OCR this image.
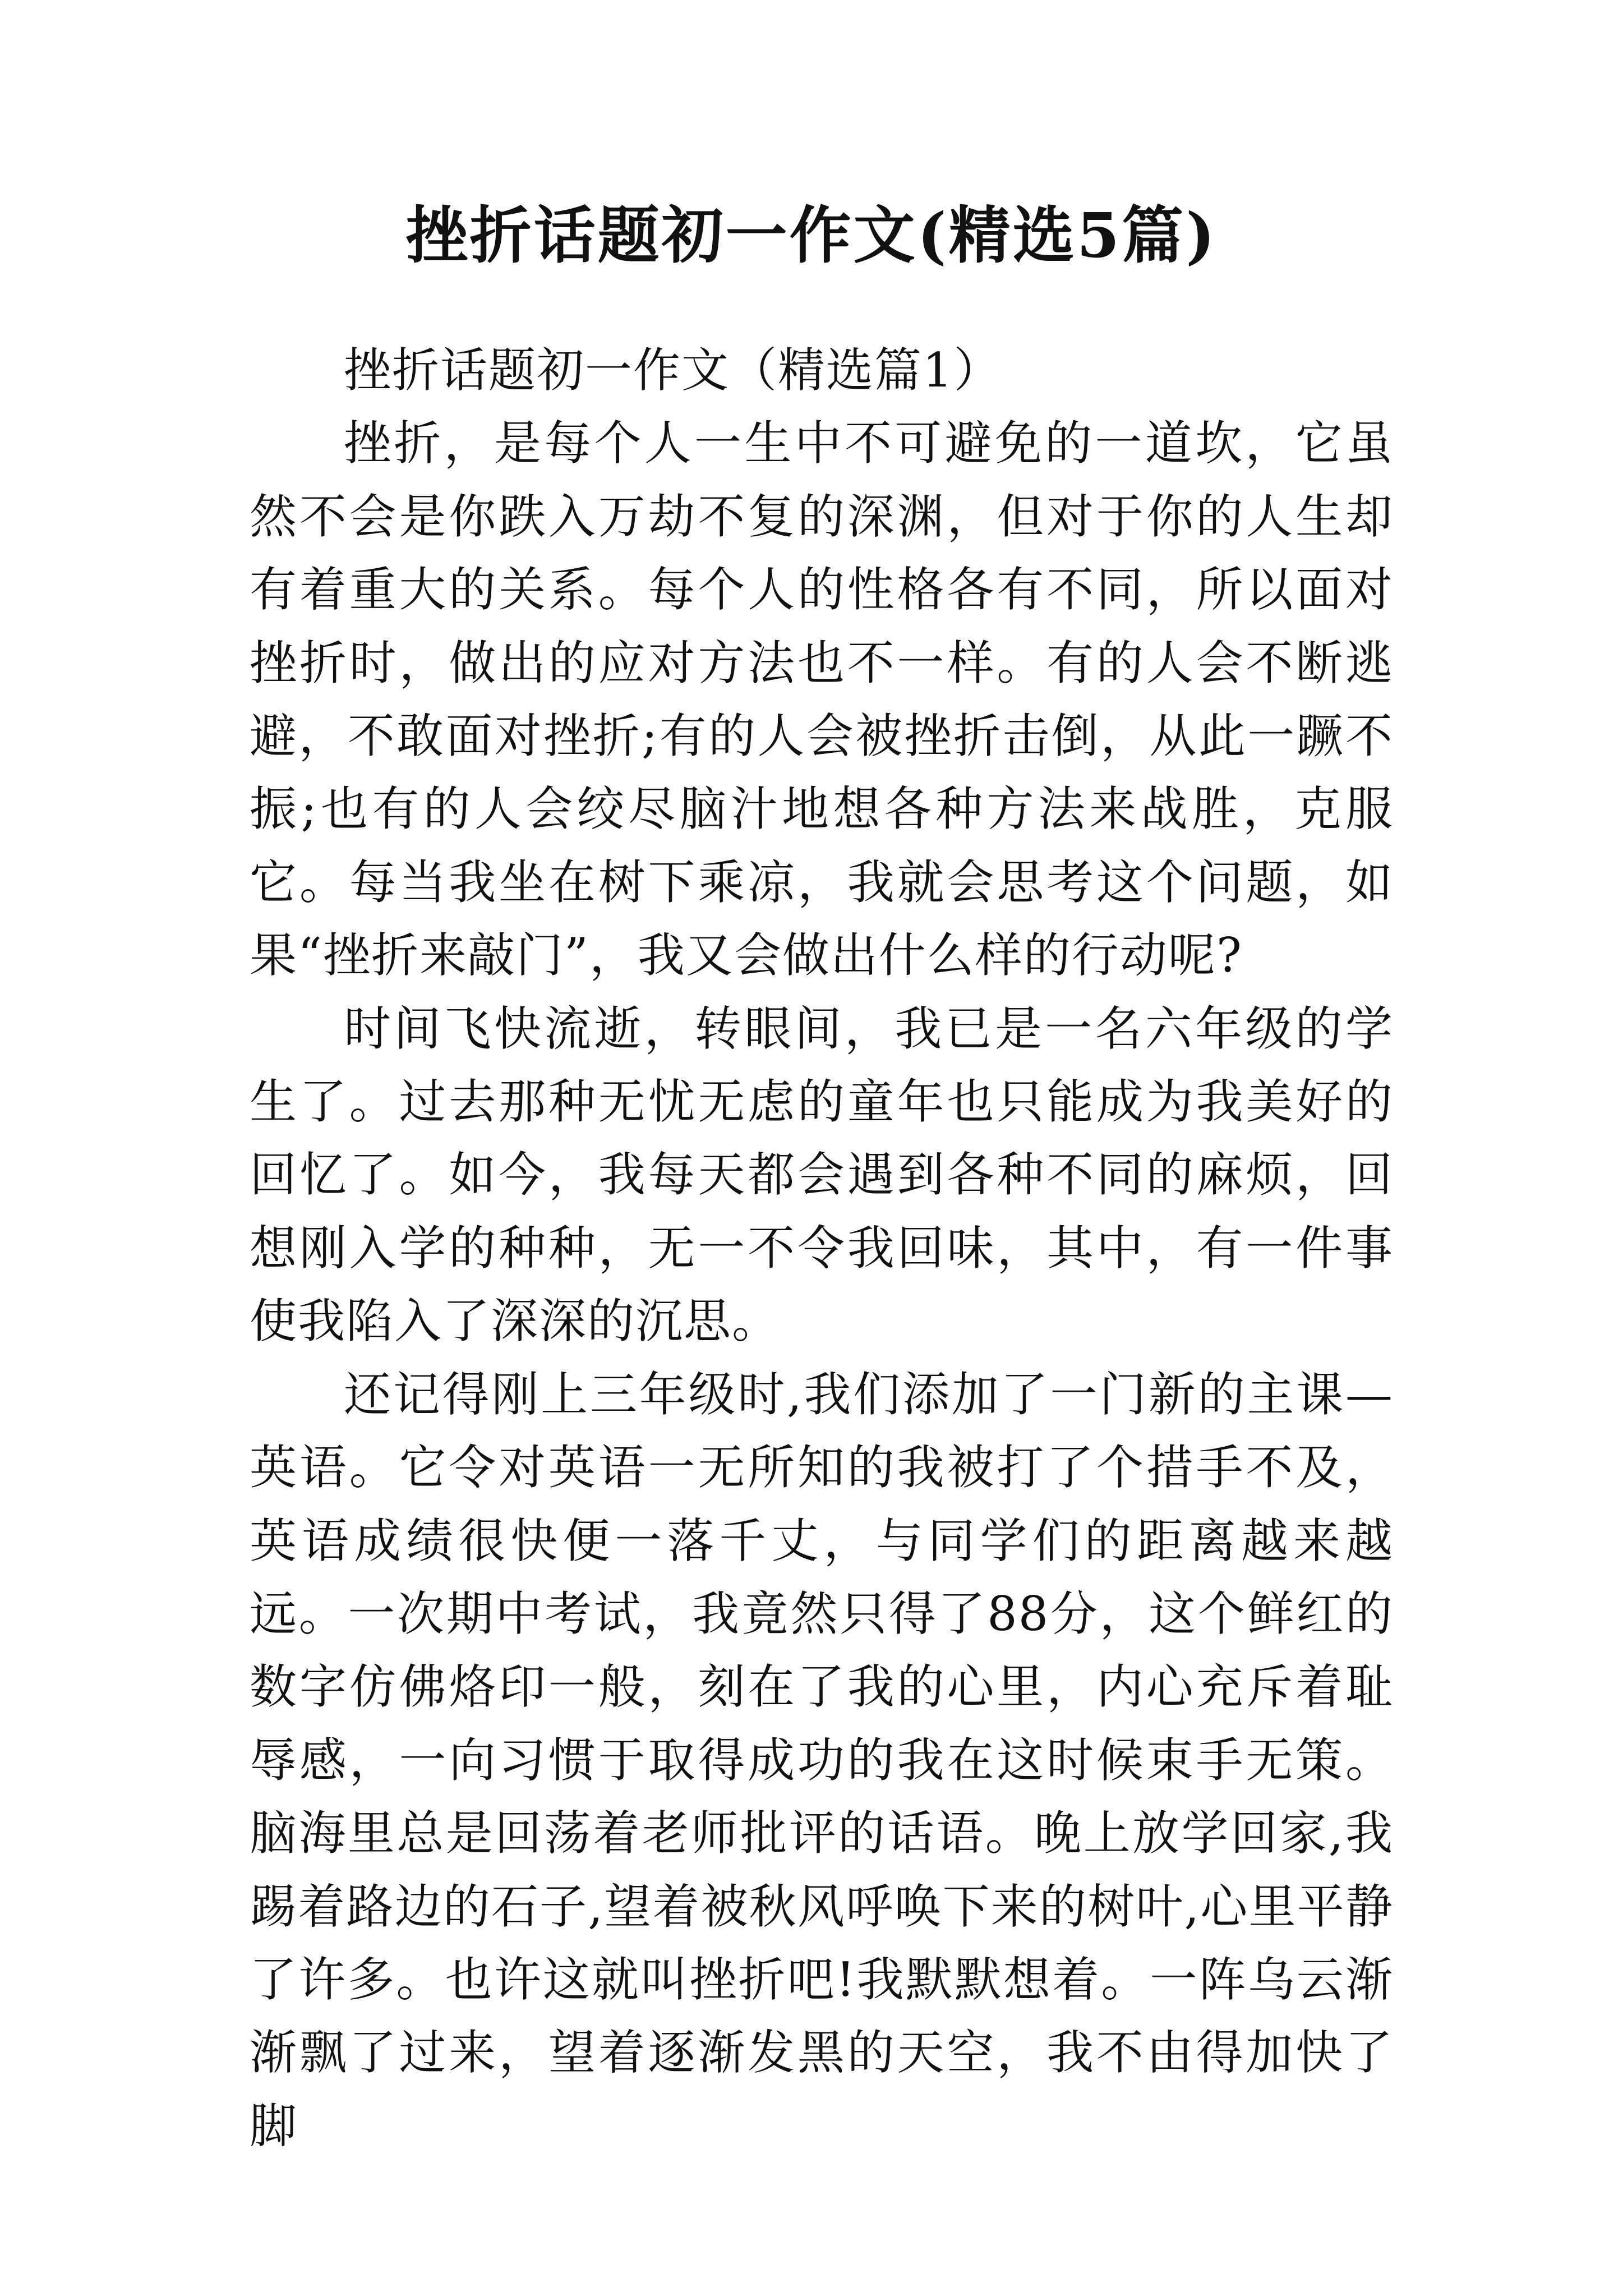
挫折话题初一作文(精选5篇)

挫折话题初一作文（精选篇1）

挫折，是每个人一生中不可避免的一道坎，它虽然不会是你跌入万劫不复的深渊，但对于你的人生却有着重大的关系。每个人的性格各有不同，所以面对挫折时，做出的应对方法也不一样。有的人会不断逃避，不敢面对挫折;有的人会被挫折击倒，从此一蹶不振;也有的人会绞尽脑汁地想各种方法来战胜，克服它。每当我坐在树下乘凉，我就会思考这个问题，如果“挫折来敲门”，我又会做出什么样的行动呢?

时间飞快流逝，转眼间，我已是一名六年级的学生了。过去那种无忧无虑的童年也只能成为我美好的回忆了。如今，我每天都会遇到各种不同的麻烦，回想刚入学的种种，无一不令我回味，其中，有一件事使我陷入了深深的沉思。

还记得刚上三年级时,我们添加了一门新的主课—英语。它令对英语一无所知的我被打了个措手不及，英语成绩很快便一落千丈，与同学们的距离越来越远。一次期中考试，我竟然只得了88分，这个鲜红的数字仿佛烙印一般，刻在了我的心里，内心充斥着耻辱感，一向习惯于取得成功的我在这时候束手无策。脑海里总是回荡着老师批评的话语。晚上放学回家,我踢着路边的石子,望着被秋风呼唤下来的树叶,心里平静了许多。也许这就叫挫折吧!我默默想着。一阵乌云渐渐飘了过来，望着逐渐发黑的天空，我不由得加快了脚
